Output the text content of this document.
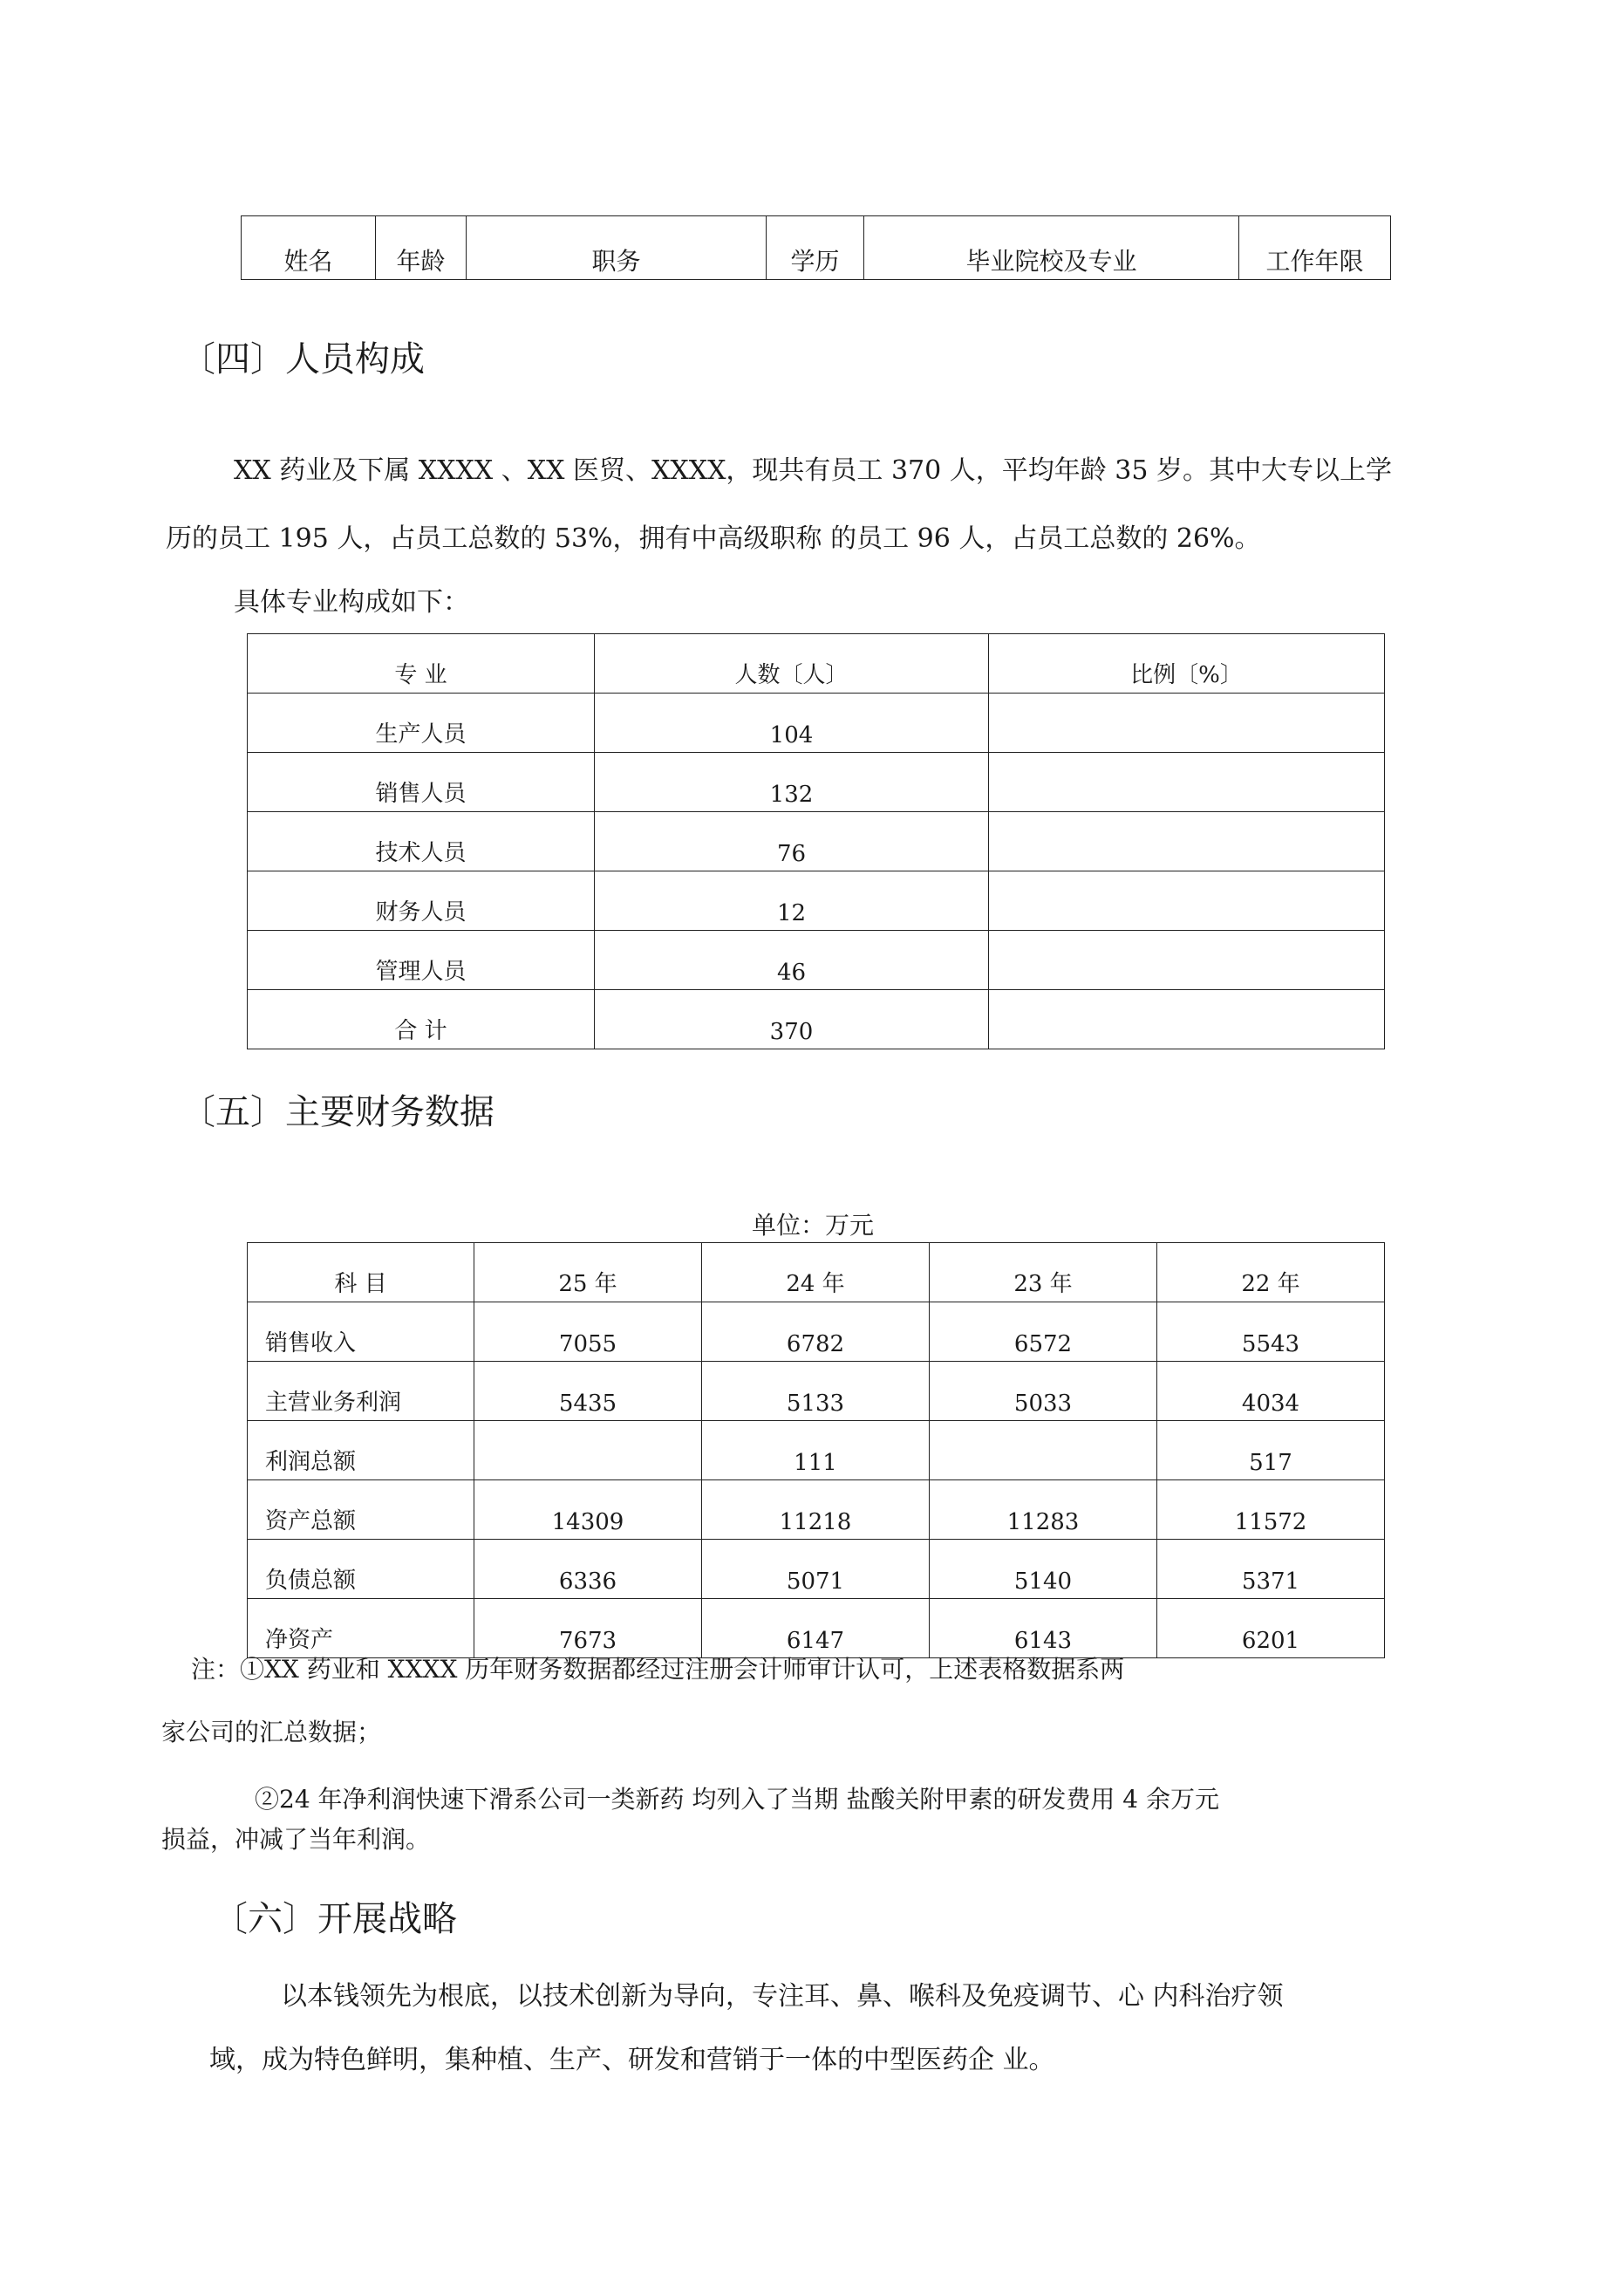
姓名	年龄	职务	学历	毕业院校及专业	工作年限
〔四〕人员构成
XX 药业及下属 XXXX 、XX 医贸、XXXX，现共有员工 370 人，平均年龄 35 岁。其中大专以上学
历的员工 195 人，占员工总数的 53%，拥有中高级职称 的员工 96 人，占员工总数的 26%。
具体专业构成如下：
专 业	人数〔人〕	比例〔%〕
生产人员	104	
销售人员	132	
技术人员	76	
财务人员	12	
管理人员	46	
合 计	370	
〔五〕主要财务数据
单位：万元
科 目	25 年	24 年	23 年	22 年
销售收入	7055	6782	6572	5543
主营业务利润	5435	5133	5033	4034
利润总额		111		517
资产总额	14309	11218	11283	11572
负债总额	6336	5071	5140	5371
净资产	7673	6147	6143	6201
注：①XX 药业和 XXXX 历年财务数据都经过注册会计师审计认可，上述表格数据系两
家公司的汇总数据；
②24 年净利润快速下滑系公司一类新药 均列入了当期 盐酸关附甲素的研发费用 4 余万元
损益，冲减了当年利润。
〔六〕开展战略
以本钱领先为根底，以技术创新为导向，专注耳、鼻、喉科及免疫调节、心 内科治疗领
域，成为特色鲜明，集种植、生产、研发和营销于一体的中型医药企 业。
